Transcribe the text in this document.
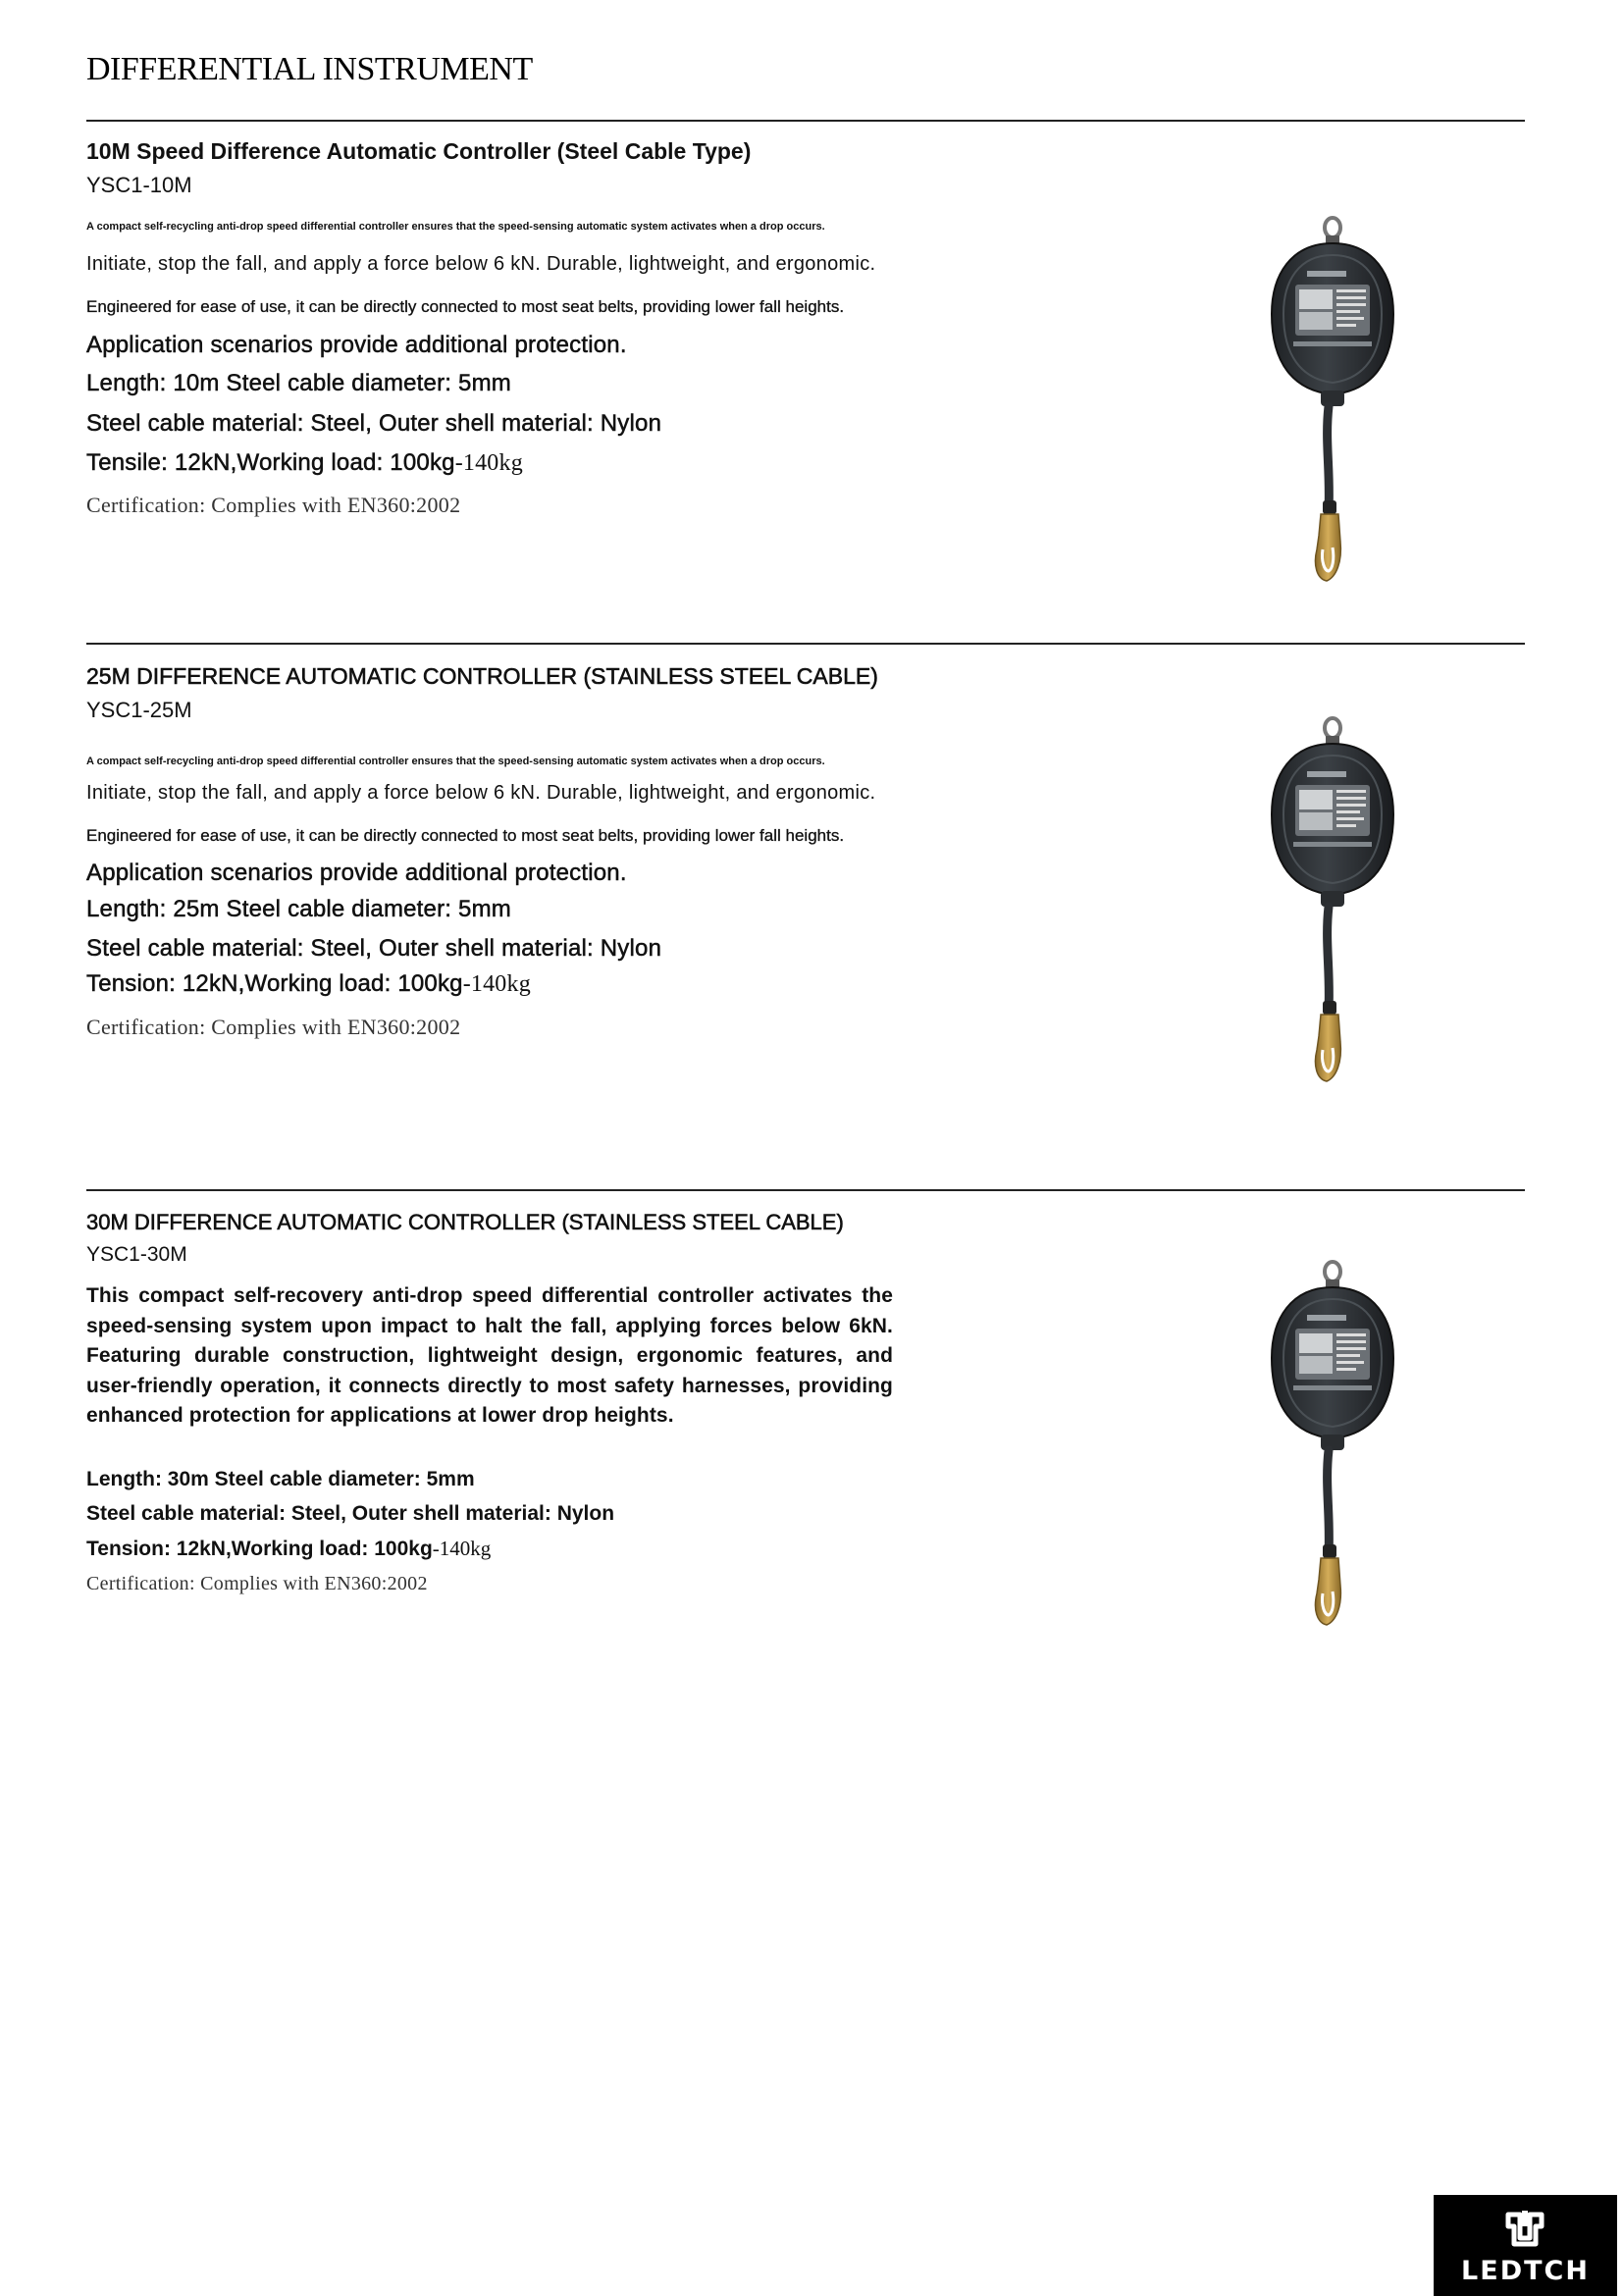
DIFFERENTIAL INSTRUMENT
10M Speed Difference Automatic Controller (Steel Cable Type)
YSC1-10M
A compact self-recycling anti-drop speed differential controller ensures that the speed-sensing automatic system activates when a drop occurs.
Initiate, stop the fall, and apply a force below 6 kN. Durable, lightweight, and ergonomic.
Engineered for ease of use, it can be directly connected to most seat belts, providing lower fall heights.
Application scenarios provide additional protection.
Length: 10m Steel cable diameter: 5mm
Steel cable material: Steel, Outer shell material: Nylon
Tensile: 12kN,Working load: 100kg-140kg
Certification: Complies with EN360:2002
25M DIFFERENCE AUTOMATIC CONTROLLER (STAINLESS STEEL CABLE)
YSC1-25M
A compact self-recycling anti-drop speed differential controller ensures that the speed-sensing automatic system activates when a drop occurs.
Initiate, stop the fall, and apply a force below 6 kN. Durable, lightweight, and ergonomic.
Engineered for ease of use, it can be directly connected to most seat belts, providing lower fall heights.
Application scenarios provide additional protection.
Length: 25m Steel cable diameter: 5mm
Steel cable material: Steel, Outer shell material: Nylon
Tension: 12kN,Working load: 100kg-140kg
Certification: Complies with EN360:2002
30M DIFFERENCE AUTOMATIC CONTROLLER (STAINLESS STEEL CABLE)
YSC1-30M
This compact self-recovery anti-drop speed differential controller activates the speed-sensing system upon impact to halt the fall, applying forces below 6kN. Featuring durable construction, lightweight design, ergonomic features, and user-friendly operation, it connects directly to most safety harnesses, providing enhanced protection for applications at lower drop heights.
Length: 30m Steel cable diameter: 5mm
Steel cable material: Steel, Outer shell material: Nylon
Tension: 12kN,Working load: 100kg-140kg
Certification: Complies with EN360:2002
LEDTCH
